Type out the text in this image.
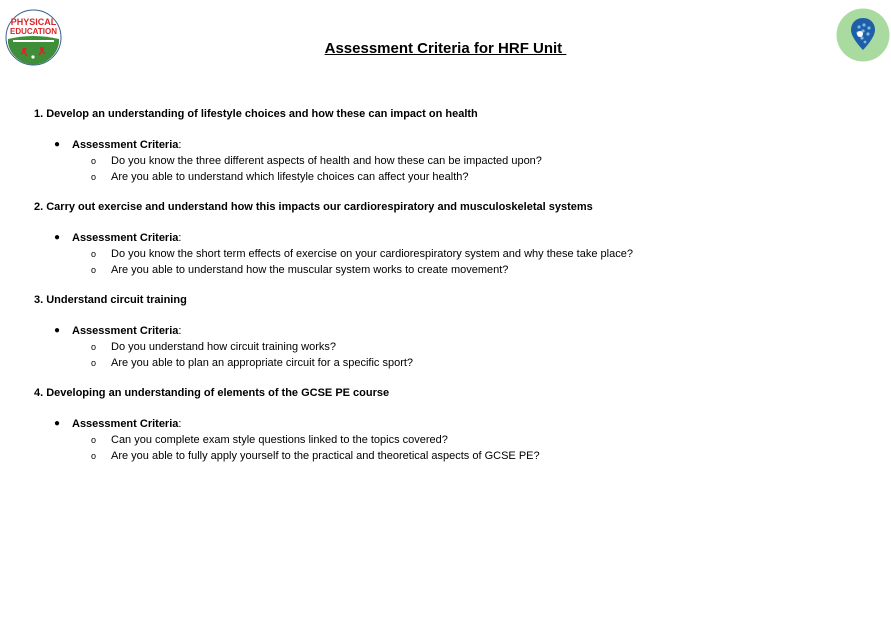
PHYSICAL
EDUCATION
Assessment Criteria for HRF Unit
1. Develop an understanding of lifestyle choices and how these can impact on health
● Assessment Criteria:
o Do you know the three different aspects of health and how these can be impacted upon?
o Are you able to understand which lifestyle choices can affect your health?
2. Carry out exercise and understand how this impacts our cardiorespiratory and musculoskeletal systems
● Assessment Criteria:
o Do you know the short term effects of exercise on your cardiorespiratory system and why these take place?
o Are you able to understand how the muscular system works to create movement?
3. Understand circuit training
● Assessment Criteria:
o Do you understand how circuit training works?
o Are you able to plan an appropriate circuit for a specific sport?
4. Developing an understanding of elements of the GCSE PE course
● Assessment Criteria:
o Can you complete exam style questions linked to the topics covered?
o Are you able to fully apply yourself to the practical and theoretical aspects of GCSE PE?
